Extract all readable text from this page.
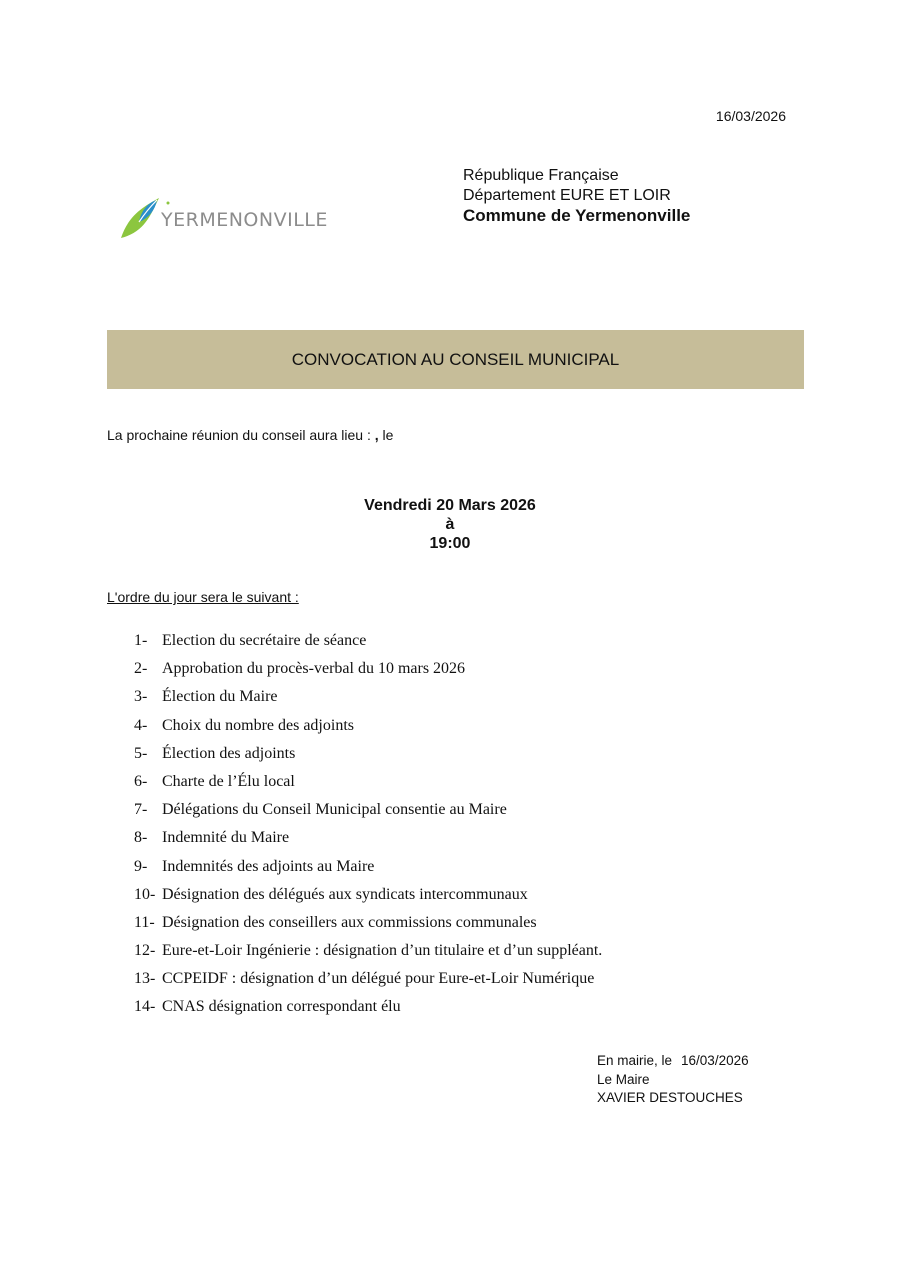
16/03/2026
YERMENONVILLE
République Française
Département EURE ET LOIR
Commune de Yermenonville
CONVOCATION AU CONSEIL MUNICIPAL
La prochaine réunion du conseil aura lieu : , le
Vendredi 20 Mars 2026
à
19:00
L'ordre du jour sera le suivant :
1- Election du secrétaire de séance
2- Approbation du procès-verbal du 10 mars 2026
3- Élection du Maire
4- Choix du nombre des adjoints
5- Élection des adjoints
6- Charte de l’Élu local
7- Délégations du Conseil Municipal consentie au Maire
8- Indemnité du Maire
9- Indemnités des adjoints au Maire
10- Désignation des délégués aux syndicats intercommunaux
11- Désignation des conseillers aux commissions communales
12- Eure-et-Loir Ingénierie : désignation d’un titulaire et d’un suppléant.
13- CCPEIDF : désignation d’un délégué pour Eure-et-Loir Numérique
14- CNAS désignation correspondant élu
En mairie, le 16/03/2026
Le Maire
XAVIER DESTOUCHES
